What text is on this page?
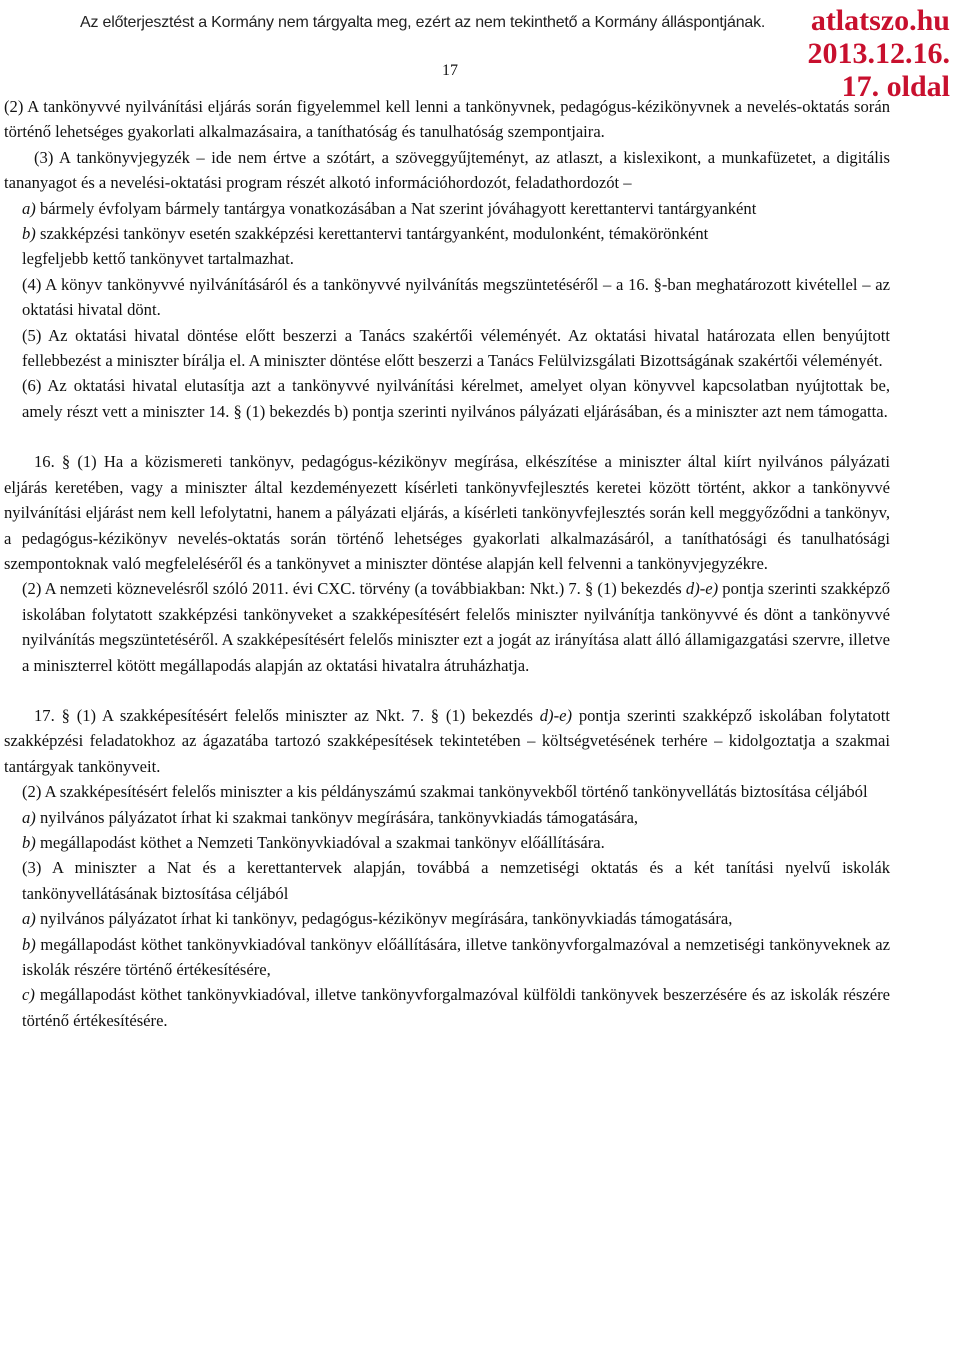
Az előterjesztést a Kormány nem tárgyalta meg, ezért az nem tekinthető a Kormány álláspontjának.	atlatszo.hu
2013.12.16.
17. oldal
17

(2) A tankönyvvé nyilvánítási eljárás során figyelemmel kell lenni a tankönyvnek, pedagógus-kézikönyvnek a nevelés-oktatás során történő lehetséges gyakorlati alkalmazásaira, a taníthatóság és tanulhatóság szempontjaira.

(3) A tankönyvjegyzék – ide nem értve a szótárt, a szöveggyűjteményt, az atlaszt, a kislexikont, a munkafüzetet, a digitális tananyagot és a nevelési-oktatási program részét alkotó információhordozót, feladathordozót –

a) bármely évfolyam bármely tantárgya vonatkozásában a Nat szerint jóváhagyott kerettantervi tantárgyanként

b) szakképzési tankönyv esetén szakképzési kerettantervi tantárgyanként, modulonként, témakörönként

legfeljebb kettő tankönyvet tartalmazhat.

(4) A könyv tankönyvvé nyilvánításáról és a tankönyvvé nyilvánítás megszüntetéséről – a 16. §-ban meghatározott kivétellel – az oktatási hivatal dönt.

(5) Az oktatási hivatal döntése előtt beszerzi a Tanács szakértői véleményét. Az oktatási hivatal határozata ellen benyújtott fellebbezést a miniszter bírálja el. A miniszter döntése előtt beszerzi a Tanács Felülvizsgálati Bizottságának szakértői véleményét.

(6) Az oktatási hivatal elutasítja azt a tankönyvvé nyilvánítási kérelmet, amelyet olyan könyvvel kapcsolatban nyújtottak be, amely részt vett a miniszter 14. § (1) bekezdés b) pontja szerinti nyilvános pályázati eljárásában, és a miniszter azt nem támogatta.

16. § (1) Ha a közismereti tankönyv, pedagógus-kézikönyv megírása, elkészítése a miniszter által kiírt nyilvános pályázati eljárás keretében, vagy a miniszter által kezdeményezett kísérleti tankönyvfejlesztés keretei között történt, akkor a tankönyvvé nyilvánítási eljárást nem kell lefolytatni, hanem a pályázati eljárás, a kísérleti tankönyvfejlesztés során kell meggyőződni a tankönyv, a pedagógus-kézikönyv nevelés-oktatás során történő lehetséges gyakorlati alkalmazásáról, a taníthatósági és tanulhatósági szempontoknak való megfeleléséről és a tankönyvet a miniszter döntése alapján kell felvenni a tankönyvjegyzékre.

(2) A nemzeti köznevelésről szóló 2011. évi CXC. törvény (a továbbiakban: Nkt.) 7. § (1) bekezdés d)-e) pontja szerinti szakképző iskolában folytatott szakképzési tankönyveket a szakképesítésért felelős miniszter nyilvánítja tankönyvvé és dönt a tankönyvvé nyilvánítás megszüntetéséről. A szakképesítésért felelős miniszter ezt a jogát az irányítása alatt álló államigazgatási szervre, illetve a miniszterrel kötött megállapodás alapján az oktatási hivatalra átruházhatja.

17. § (1) A szakképesítésért felelős miniszter az Nkt. 7. § (1) bekezdés d)-e) pontja szerinti szakképző iskolában folytatott szakképzési feladatokhoz az ágazatába tartozó szakképesítések tekintetében – költségvetésének terhére – kidolgoztatja a szakmai tantárgyak tankönyveit.

(2) A szakképesítésért felelős miniszter a kis példányszámú szakmai tankönyvekből történő tankönyvellátás biztosítása céljából

a) nyilvános pályázatot írhat ki szakmai tankönyv megírására, tankönyvkiadás támogatására,

b) megállapodást köthet a Nemzeti Tankönyvkiadóval a szakmai tankönyv előállítására.

(3) A miniszter a Nat és a kerettantervek alapján, továbbá a nemzetiségi oktatás és a két tanítási nyelvű iskolák tankönyvellátásának biztosítása céljából

a) nyilvános pályázatot írhat ki tankönyv, pedagógus-kézikönyv megírására, tankönyvkiadás támogatására,

b) megállapodást köthet tankönyvkiadóval tankönyv előállítására, illetve tankönyvforgalmazóval a nemzetiségi tankönyveknek az iskolák részére történő értékesítésére,

c) megállapodást köthet tankönyvkiadóval, illetve tankönyvforgalmazóval külföldi tankönyvek beszerzésére és az iskolák részére történő értékesítésére.
